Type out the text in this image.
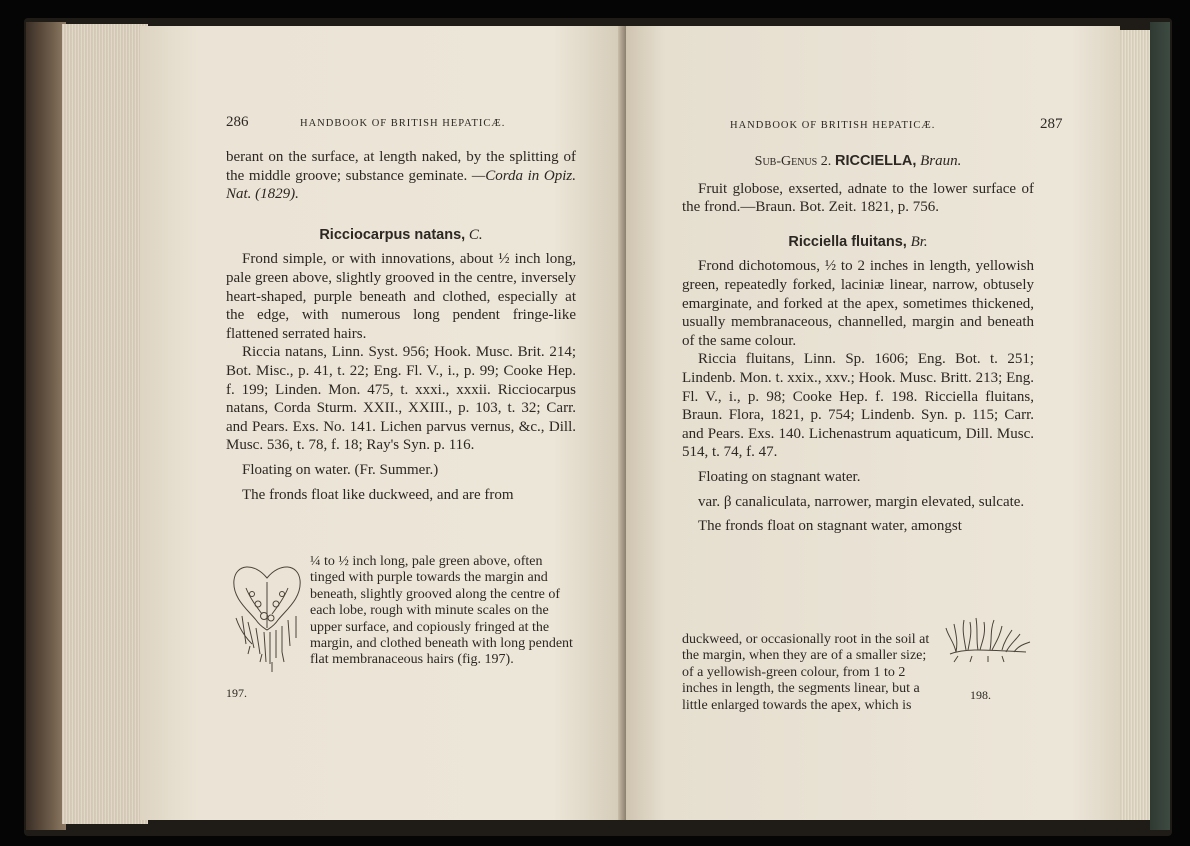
286	HANDBOOK OF BRITISH HEPATICÆ.

berant on the surface, at length naked, by the splitting of the middle groove; substance geminate. —Corda in Opiz. Nat. (1829).

Ricciocarpus natans, C.

Frond simple, or with innovations, about ½ inch long, pale green above, slightly grooved in the centre, inversely heart-shaped, purple beneath and clothed, especially at the edge, with numerous long pendent fringe-like flattened serrated hairs.

Riccia natans, Linn. Syst. 956; Hook. Musc. Brit. 214; Bot. Misc., p. 41, t. 22; Eng. Fl. V., i., p. 99; Cooke Hep. f. 199; Linden. Mon. 475, t. xxxi., xxxii. Ricciocarpus natans, Corda Sturm. XXII., XXIII., p. 103, t. 32; Carr. and Pears. Exs. No. 141. Lichen parvus vernus, &c., Dill. Musc. 536, t. 78, f. 18; Ray's Syn. p. 116.

Floating on water. (Fr. Summer.)

The fronds float like duckweed, and are from

¼ to ½ inch long, pale green above, often tinged with purple towards the margin and beneath, slightly grooved along the centre of each lobe, rough with minute scales on the upper surface, and copiously fringed at the margin, and clothed beneath with long pendent flat membranaceous hairs (fig. 197).
197.
HANDBOOK OF BRITISH HEPATICÆ.	287
Sub-Genus 2. RICCIELLA, Braun.

Fruit globose, exserted, adnate to the lower surface of the frond.—Braun. Bot. Zeit. 1821, p. 756.

Ricciella fluitans, Br.

Frond dichotomous, ½ to 2 inches in length, yellowish green, repeatedly forked, laciniæ linear, narrow, obtusely emarginate, and forked at the apex, sometimes thickened, usually membranaceous, channelled, margin and beneath of the same colour.

Riccia fluitans, Linn. Sp. 1606; Eng. Bot. t. 251; Lindenb. Mon. t. xxix., xxv.; Hook. Musc. Britt. 213; Eng. Fl. V., i., p. 98; Cooke Hep. f. 198. Ricciella fluitans, Braun. Flora, 1821, p. 754; Lindenb. Syn. p. 115; Carr. and Pears. Exs. 140. Lichenastrum aquaticum, Dill. Musc. 514, t. 74, f. 47.

Floating on stagnant water.

var. β canaliculata, narrower, margin elevated, sulcate.

The fronds float on stagnant water, amongst

duckweed, or occasionally root in the soil at the margin, when they are of a smaller size; of a yellowish-green colour, from 1 to 2 inches in length, the segments linear, but a little enlarged towards the apex, which is
198.
